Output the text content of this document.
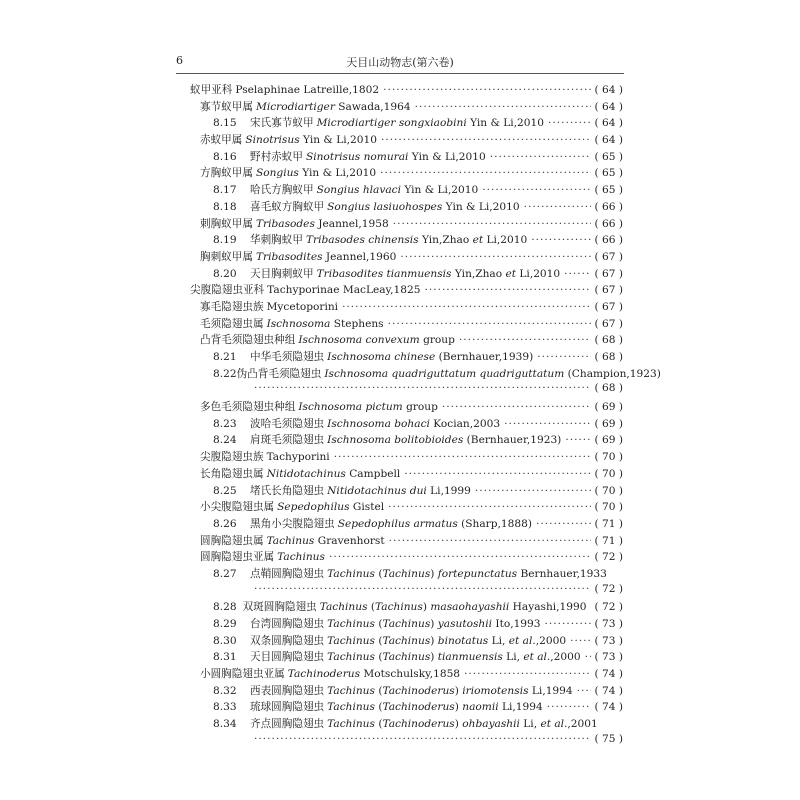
6	天目山动物志(第六卷)
蚁甲亚科 Pselaphinae Latreille,1802 ·····	( 64 )
寡节蚁甲属 Microdiartiger Sawada,1964 ·····	( 64 )
8.15	宋氏寡节蚁甲 Microdiartiger songxiaobini Yin & Li,2010 ·····	( 64 )
赤蚁甲属 Sinotrisus Yin & Li,2010 ·····	( 64 )
8.16	野村赤蚁甲 Sinotrisus nomurai Yin & Li,2010 ·····	( 65 )
方胸蚁甲属 Songius Yin & Li,2010 ·····	( 65 )
8.17	哈氏方胸蚁甲 Songius hlavaci Yin & Li,2010 ·····	( 65 )
8.18	喜毛蚁方胸蚁甲 Songius lasiuohospes Yin & Li,2010 ·····	( 66 )
刺胸蚁甲属 Tribasodes Jeannel,1958 ·····	( 66 )
8.19	华刺胸蚁甲 Tribasodes chinensis Yin,Zhao et Li,2010 ·····	( 66 )
胸刺蚁甲属 Tribasodites Jeannel,1960 ·····	( 67 )
8.20	天目胸刺蚁甲 Tribasodites tianmuensis Yin,Zhao et Li,2010 ·····	( 67 )
尖腹隐翅虫亚科 Tachyporinae MacLeay,1825 ·····	( 67 )
寡毛隐翅虫族 Mycetoporini ·····	( 67 )
毛须隐翅虫属 Ischnosoma Stephens ·····	( 67 )
凸背毛须隐翅虫种组 Ischnosoma convexum group ·····	( 68 )
8.21	中华毛须隐翅虫 Ischnosoma chinese (Bernhauer,1939) ·····	( 68 )
8.22 伪凸背毛须隐翅虫 Ischnosoma quadriguttatum quadriguttatum (Champion,1923)
·····
( 68 )
多色毛须隐翅虫种组 Ischnosoma pictum group ·····	( 69 )
8.23	波哈毛须隐翅虫 Ischnosoma bohaci Kocian,2003 ·····	( 69 )
8.24	肩斑毛须隐翅虫 Ischnosoma bolitobioides (Bernhauer,1923) ·····	( 69 )
尖腹隐翅虫族 Tachyporini ·····	( 70 )
长角隐翅虫属 Nitidotachinus Campbell ·····	( 70 )
8.25	堵氏长角隐翅虫 Nitidotachinus dui Li,1999 ·····	( 70 )
小尖腹隐翅虫属 Sepedophilus Gistel ·····	( 70 )
8.26	黑角小尖腹隐翅虫 Sepedophilus armatus (Sharp,1888) ·····	( 71 )
圆胸隐翅虫属 Tachinus Gravenhorst ·····	( 71 )
圆胸隐翅虫亚属 Tachinus ·····	( 72 )
8.27	点鞘圆胸隐翅虫 Tachinus (Tachinus) fortepunctatus Bernhauer,1933
·····
( 72 )
8.28 双斑圆胸隐翅虫 Tachinus (Tachinus) masaohayashii Hayashi,1990 ( 72 )
8.29	台湾圆胸隐翅虫 Tachinus (Tachinus) yasutoshii Ito,1993 ·····	( 73 )
8.30	双条圆胸隐翅虫 Tachinus (Tachinus) binotatus Li, et al.,2000 ·····	( 73 )
8.31	天目圆胸隐翅虫 Tachinus (Tachinus) tianmuensis Li, et al.,2000 ····· ( 73 )
小圆胸隐翅虫亚属 Tachinoderus Motschulsky,1858 ·····	( 74 )
8.32	西表圆胸隐翅虫 Tachinus (Tachinoderus) iriomotensis Li,1994 ····· ( 74 )
8.33	琉球圆胸隐翅虫 Tachinus (Tachinoderus) naomii Li,1994 ·····	( 74 )
8.34	齐点圆胸隐翅虫 Tachinus (Tachinoderus) ohbayashii Li, et al.,2001
·····
( 75 )
